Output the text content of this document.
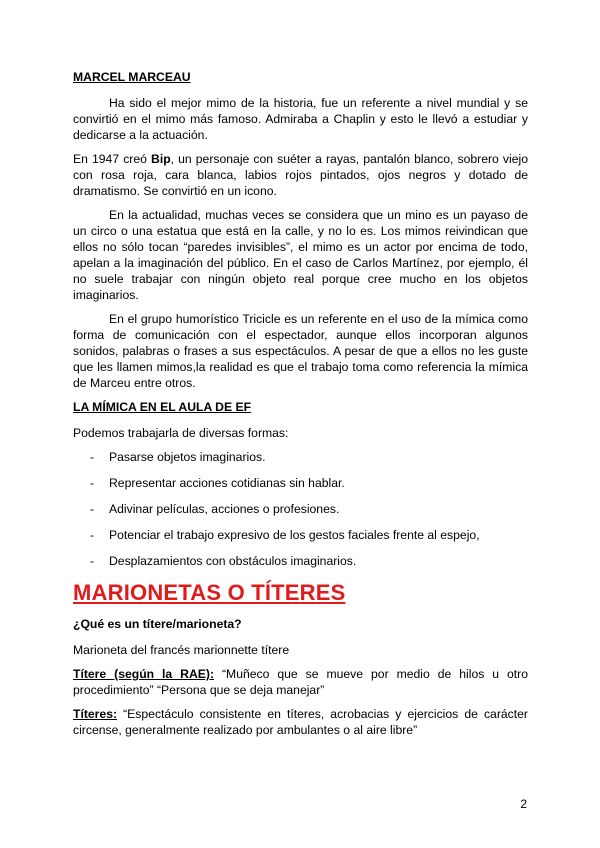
MARCEL MARCEAU

Ha sido el mejor mimo de la historia, fue un referente a nivel mundial y se convirtió en el mimo más famoso. Admiraba a Chaplin y esto le llevó a estudiar y dedicarse a la actuación.

En 1947 creó Bip, un personaje con suéter a rayas, pantalón blanco, sobrero viejo con rosa roja, cara blanca, labios rojos pintados, ojos negros y dotado de dramatismo. Se convirtió en un icono.

En la actualidad, muchas veces se considera que un mino es un payaso de un circo o una estatua que está en la calle, y no lo es. Los mimos reivindican que ellos no sólo tocan “paredes invisibles”, el mimo es un actor por encima de todo, apelan a la imaginación del público. En el caso de Carlos Martínez, por ejemplo, él no suele trabajar con ningún objeto real porque cree mucho en los objetos imaginarios.

En el grupo humorístico Tricicle es un referente en el uso de la mímica como forma de comunicación con el espectador, aunque ellos incorporan algunos sonidos, palabras o frases a sus espectáculos. A pesar de que a ellos no les guste que les llamen mimos,la realidad es que el trabajo toma como referencia la mímica de Marceu entre otros.

LA MÍMICA EN EL AULA DE EF

Podemos trabajarla de diversas formas:

- Pasarse objetos imaginarios.
- Representar acciones cotidianas sin hablar.
- Adivinar películas, acciones o profesiones.
- Potenciar el trabajo expresivo de los gestos faciales frente al espejo,
- Desplazamientos con obstáculos imaginarios.
MARIONETAS O TÍTERES
¿Qué es un títere/marioneta?

Marioneta del francés marionnette títere

Títere (según la RAE): “Muñeco que se mueve por medio de hilos u otro procedimiento” “Persona que se deja manejar”

Títeres: “Espectáculo consistente en títeres, acrobacias y ejercicios de carácter circense, generalmente realizado por ambulantes o al aire libre”

2
